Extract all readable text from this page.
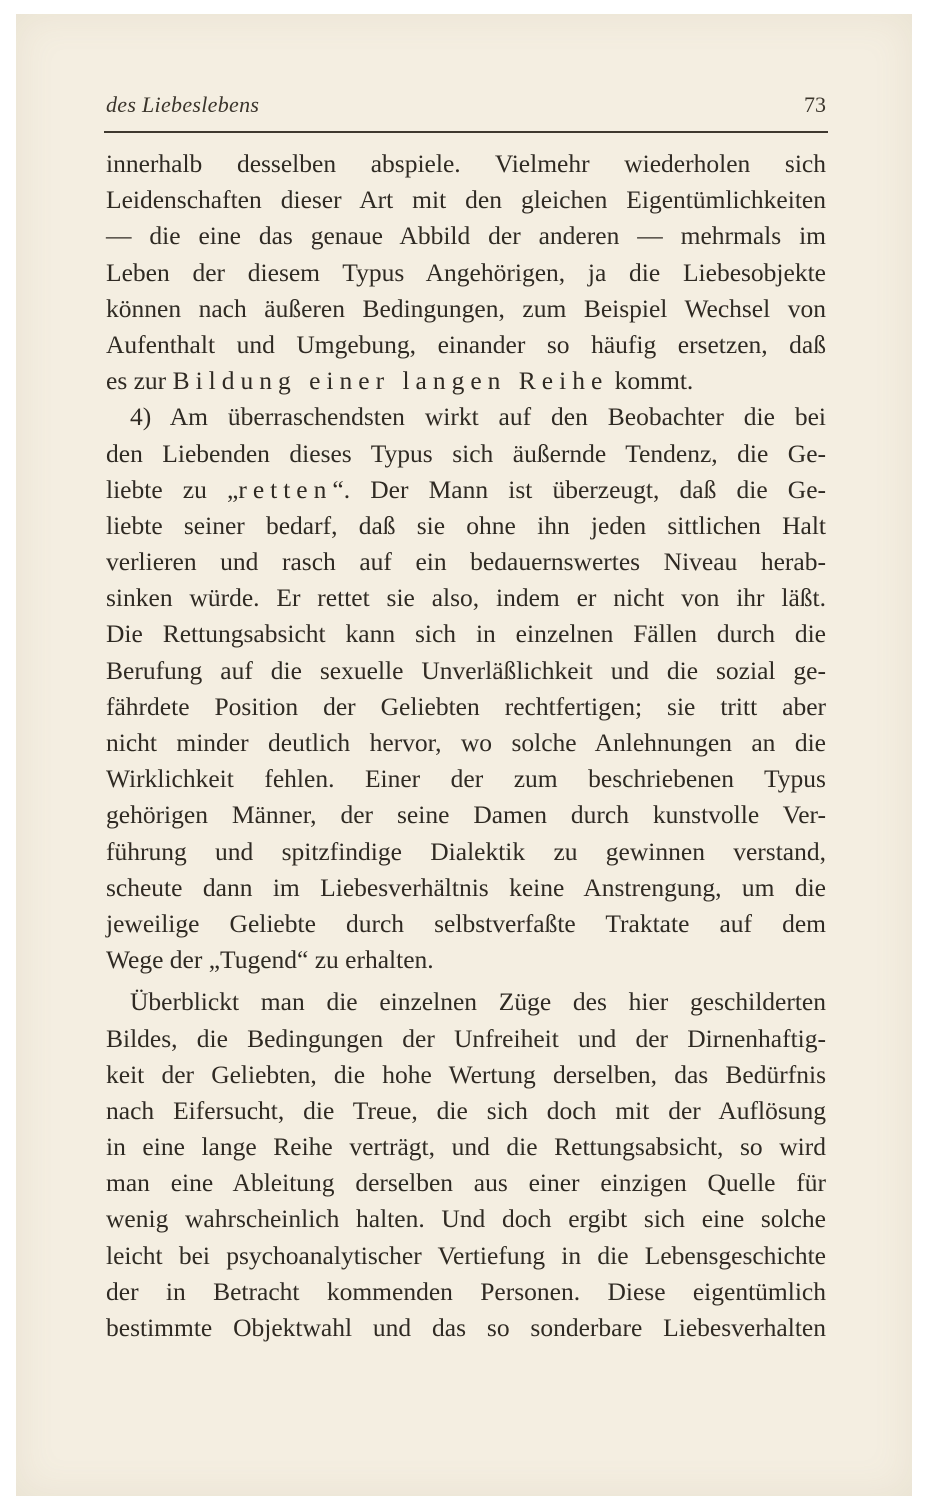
des Liebeslebens	73

innerhalb desselben abspiele. Vielmehr wiederholen sich
Leidenschaften dieser Art mit den gleichen Eigentümlichkeiten
— die eine das genaue Abbild der anderen — mehrmals im
Leben der diesem Typus Angehörigen, ja die Liebesobjekte
können nach äußeren Bedingungen, zum Beispiel Wechsel von
Aufenthalt und Umgebung, einander so häufig ersetzen, daß
es zur Bildung einer langen Reihe kommt.

4) Am überraschendsten wirkt auf den Beobachter die bei
den Liebenden dieses Typus sich äußernde Tendenz, die Ge-
liebte zu „retten“. Der Mann ist überzeugt, daß die Ge-
liebte seiner bedarf, daß sie ohne ihn jeden sittlichen Halt
verlieren und rasch auf ein bedauernswertes Niveau herab-
sinken würde. Er rettet sie also, indem er nicht von ihr läßt.
Die Rettungsabsicht kann sich in einzelnen Fällen durch die
Berufung auf die sexuelle Unverläßlichkeit und die sozial ge-
fährdete Position der Geliebten rechtfertigen; sie tritt aber
nicht minder deutlich hervor, wo solche Anlehnungen an die
Wirklichkeit fehlen. Einer der zum beschriebenen Typus
gehörigen Männer, der seine Damen durch kunstvolle Ver-
führung und spitzfindige Dialektik zu gewinnen verstand,
scheute dann im Liebesverhältnis keine Anstrengung, um die
jeweilige Geliebte durch selbstverfaßte Traktate auf dem
Wege der „Tugend“ zu erhalten.

Überblickt man die einzelnen Züge des hier geschilderten
Bildes, die Bedingungen der Unfreiheit und der Dirnenhaftig-
keit der Geliebten, die hohe Wertung derselben, das Bedürfnis
nach Eifersucht, die Treue, die sich doch mit der Auflösung
in eine lange Reihe verträgt, und die Rettungsabsicht, so wird
man eine Ableitung derselben aus einer einzigen Quelle für
wenig wahrscheinlich halten. Und doch ergibt sich eine solche
leicht bei psychoanalytischer Vertiefung in die Lebensgeschichte
der in Betracht kommenden Personen. Diese eigentümlich
bestimmte Objektwahl und das so sonderbare Liebesverhalten
